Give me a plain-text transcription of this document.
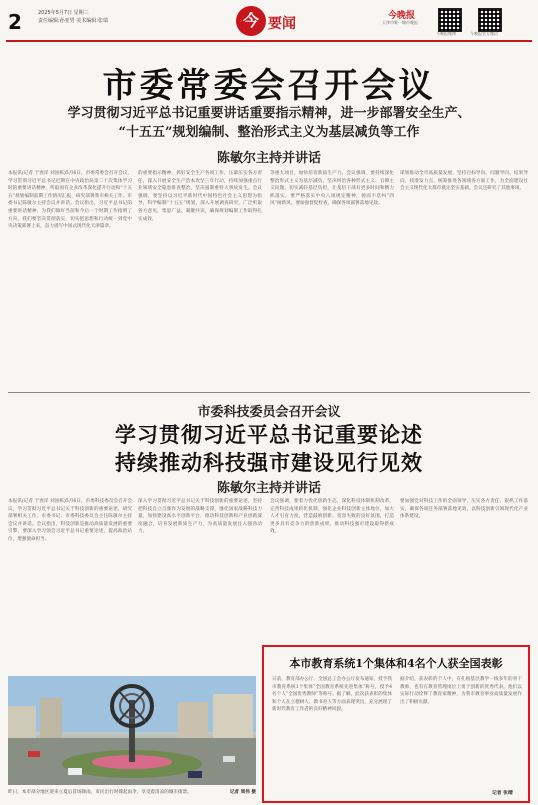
2	2025年5月7日 星期三
责任编辑:孙亚男 美术编辑:张瑞	今 要闻	今晚报
天津市唯一城市晚报
今晚报微博	今晚报官方微信
市委常委会召开会议
学习贯彻习近平总书记重要讲话重要指示精神，进一步部署安全生产、
“十五五”规划编制、整治形式主义为基层减负等工作
陈敏尔主持并讲话
本报讯(记者 于春洋 刘国栋)5月6日，市委常委会召开会议，学习贯彻习近平总书记近期在中央政治局第二十次集体学习时的重要讲话精神，听取国有企业改革深化提升行动和“十五五”规划编制前期工作情况汇报，研究部署我市相关工作。市委书记陈敏尔主持会议并讲话。会议指出，习近平总书记的重要讲话精神，为我们做好当前和今后一个时期工作指明了方向，我们要坚决贯彻落实，切实把思想和行动统一到党中央决策部署上来，奋力谱写中国式现代化天津篇章。
的重要指示精神，抓好安全生产各项工作，压紧压实各方责任，深入开展安全生产治本攻坚三年行动，持续加强重点行业领域安全隐患排查整治，坚决遏制重特大事故发生。会议强调，要坚持以习近平新时代中国特色社会主义思想为指导，科学编制“十五五”规划，深入开展调查研究，广泛听取各方意见，集思广益、凝聚共识，确保规划编制工作取得扎实成效。
等重大项目，加快培育新质生产力。会议强调，要持续深化整治形式主义为基层减负，坚决纠治各种形式主义、官僚主义问题，切实减轻基层负担，让基层干部有更多时间和精力抓落实。要严格落实中央八项规定精神，驰而不息纠“四风”树新风。要加强督促检查，确保各项部署落地见效。
谋划推动全市高质量发展，坚持目标导向、问题导向、结果导向，找准发力点，统筹推进各领域各方面工作，为全面建设社会主义现代化大都市奠定坚实基础。会议还研究了其他事项。
市委科技委员会召开会议
学习贯彻习近平总书记重要论述
持续推动科技强市建设见行见效
陈敏尔主持并讲话
本报讯(记者 于春洋 刘国栋)5月6日，市委科技委员会召开会议，学习贯彻习近平总书记关于科技创新的重要论述，研究部署相关工作。市委书记、市委科技委员会主任陈敏尔主持会议并讲话。会议指出，科技创新是推动高质量发展的重要引擎，要深入学习领会习近平总书记重要论述，提高政治站位，增强使命担当。
深入学习贯彻习近平总书记关于科技创新的重要论述，坚持把科技自立自强作为发展的战略支撑，强化国家战略科技力量，加快建设高水平创新平台，推动科技创新和产业创新深度融合，培育发展新质生产力，为高质量发展注入强劲动力。
会议强调，要着力优化创新生态，深化科技体制机制改革，完善科技成果转化机制，强化企业科技创新主体地位，加大人才引育力度，营造鼓励创新、宽容失败的良好氛围，打造更多具有竞争力的创新成果，推动科技强市建设取得新成效。
要加强党对科技工作的全面领导，压实各方责任，狠抓工作落实，确保各项任务部署落地见效，以科技创新引领现代化产业体系建设。
昨日，本市部分地区迎来立夏后首场降雨，市民出行时撑起雨伞，享受着清凉的城市街景。	记者 周伟 摄
本市教育系统1个集体和4名个人获全国表彰
日前，教育部办公厅、全国总工会办公厅发布通知，授予我市教育系统1个集体“全国教育系统先进集体”称号，授予4名个人“全国优秀教师”等称号。据了解，此次获表彰的集体和个人在立德树人、教书育人等方面表现突出，充分展现了新时代教育工作者的良好精神风貌。
据介绍，获表彰的个人中，有扎根基层教学一线多年的骨干教师，也有在教育管理岗位上勇于创新的优秀代表。他们以实际行动诠释了教育家精神，为我市教育事业高质量发展作出了积极贡献。
记者 张晴
